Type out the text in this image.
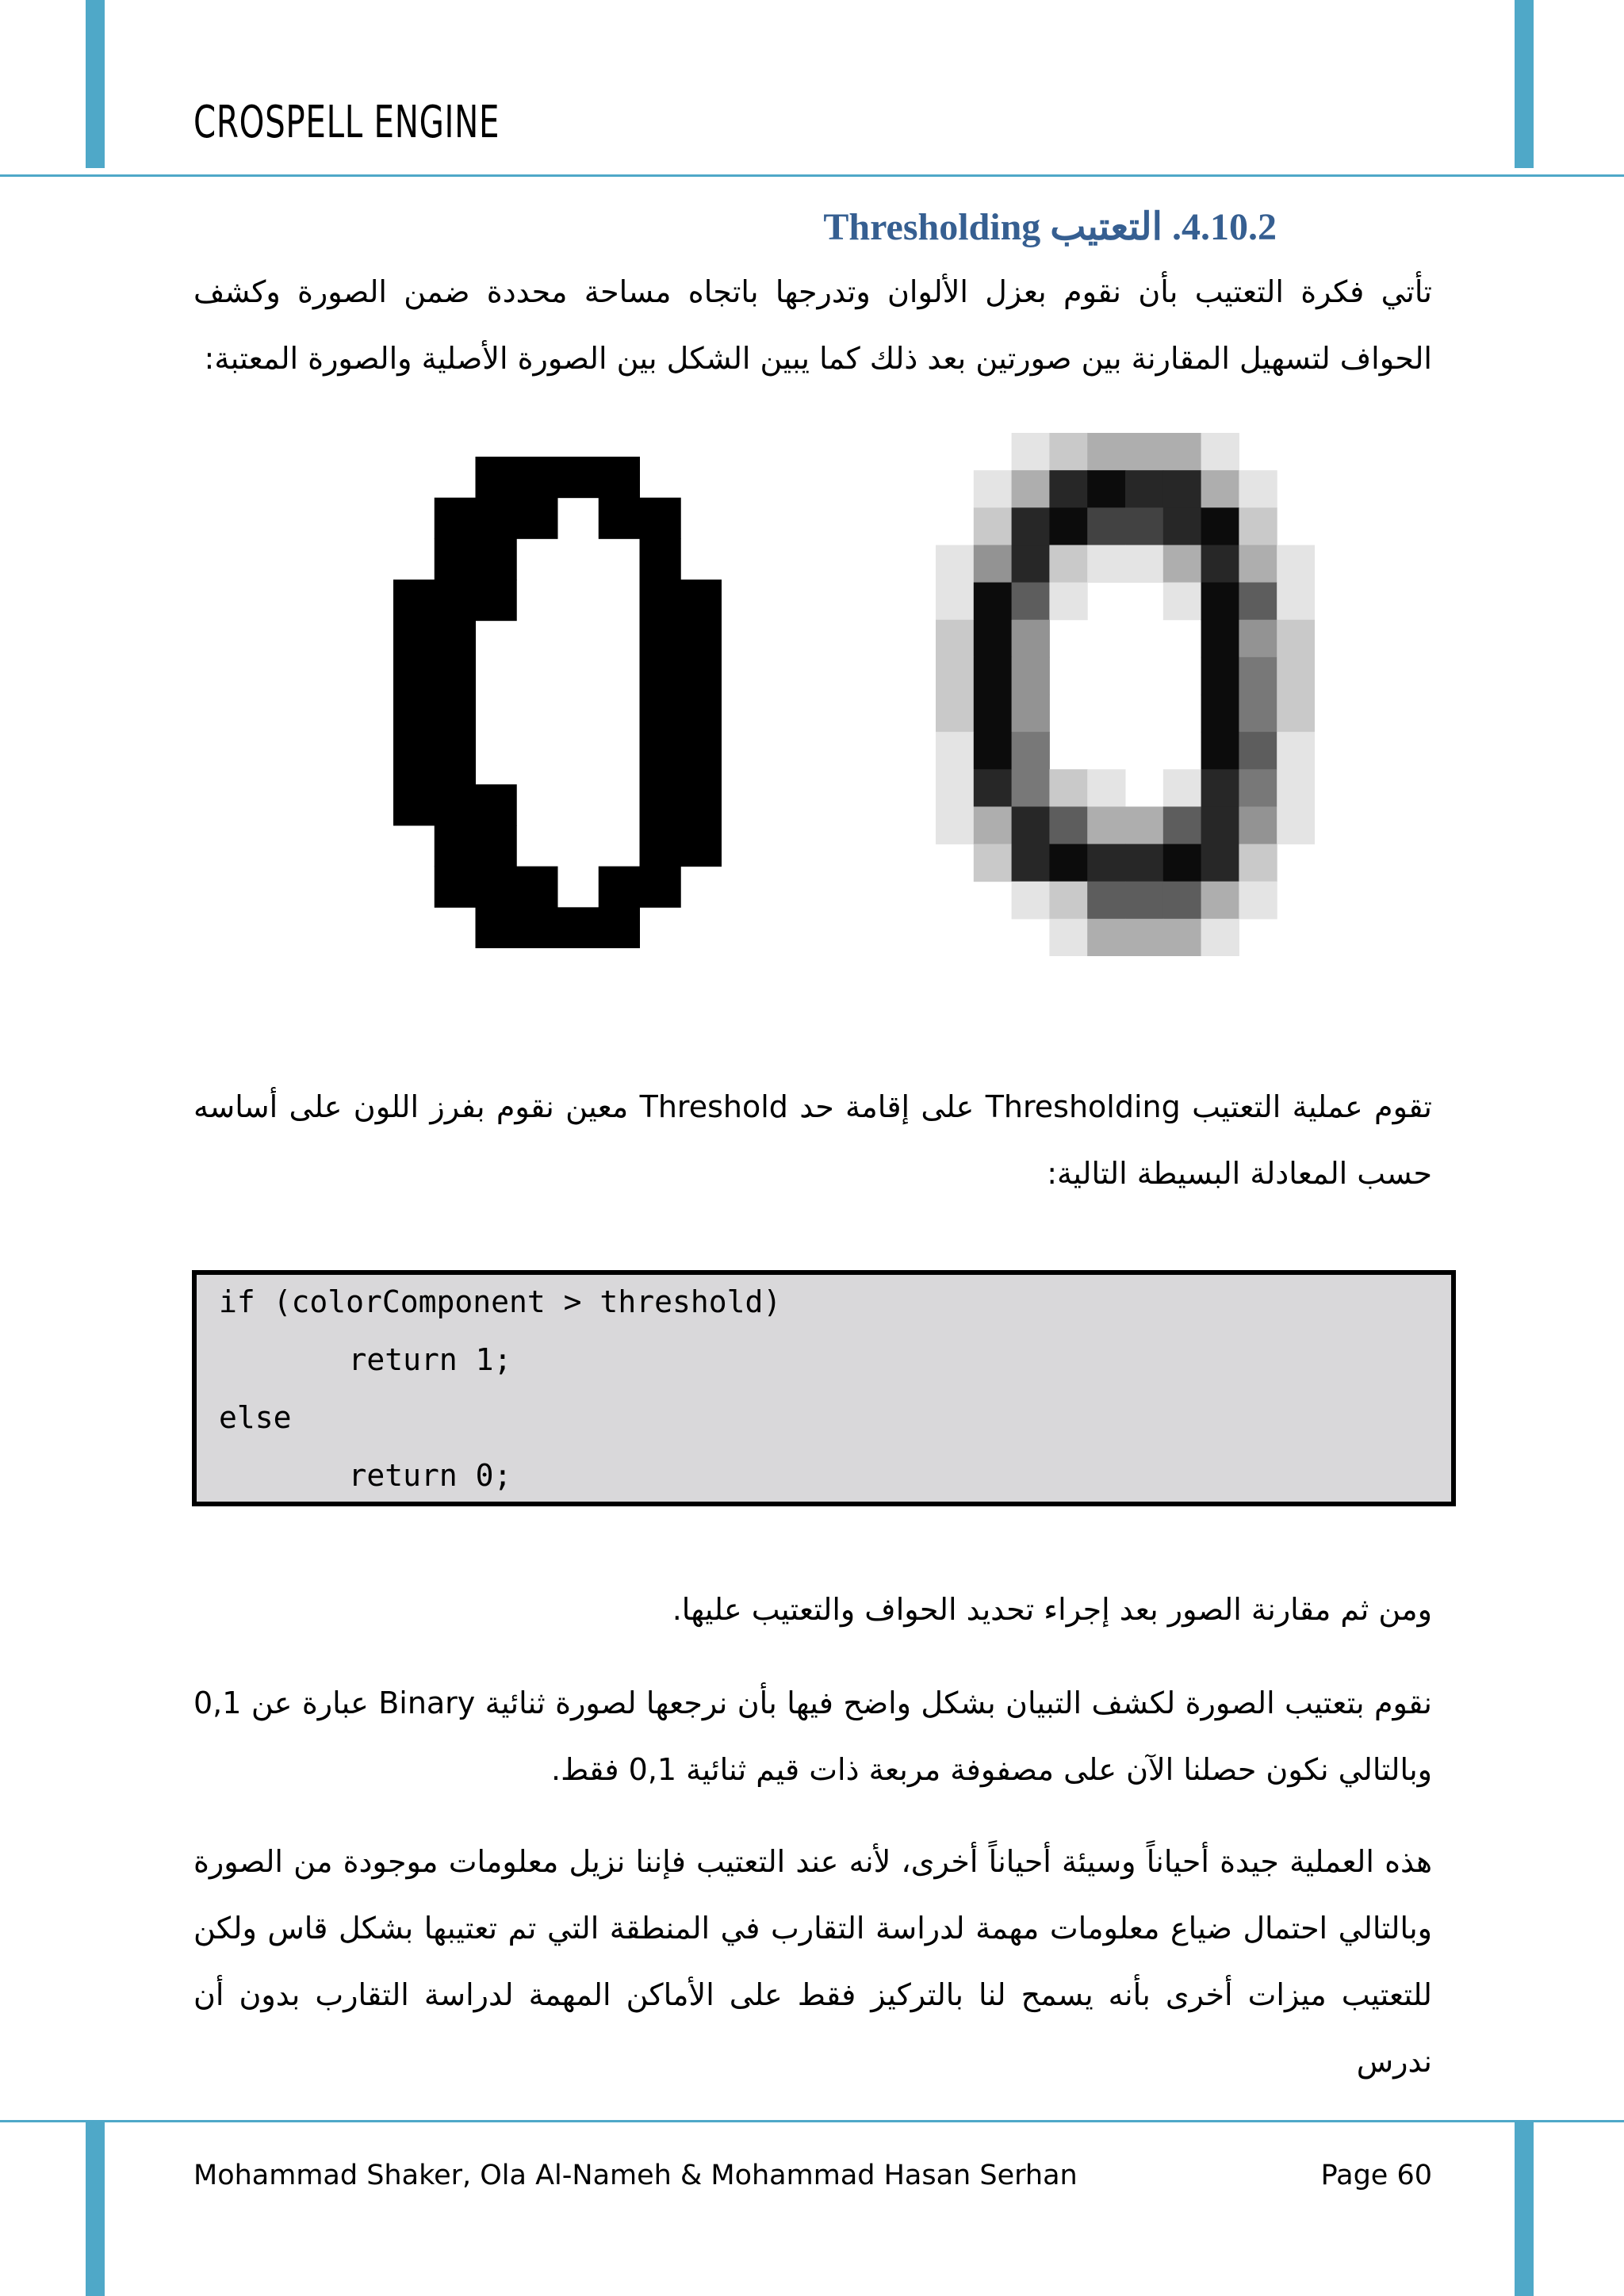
CROSPELL ENGINE
4.10.2. التعتيب Thresholding
تأتي فكرة التعتيب بأن نقوم بعزل الألوان وتدرجها باتجاه مساحة محددة ضمن الصورة وكشف الحواف لتسهيل المقارنة بين صورتين بعد ذلك كما يبين الشكل بين الصورة الأصلية والصورة المعتبة:
تقوم عملية التعتيب Thresholding على إقامة حد Threshold معين نقوم بفرز اللون على أساسه حسب المعادلة البسيطة التالية:
if (colorComponent > threshold)
return 1;
else
return 0;
ومن ثم مقارنة الصور بعد إجراء تحديد الحواف والتعتيب عليها.
نقوم بتعتيب الصورة لكشف التبيان بشكل واضح فيها بأن نرجعها لصورة ثنائية Binary عبارة عن 0,1 وبالتالي نكون حصلنا الآن على مصفوفة مربعة ذات قيم ثنائية 0,1 فقط.
هذه العملية جيدة أحياناً وسيئة أحياناً أخرى، لأنه عند التعتيب فإننا نزيل معلومات موجودة من الصورة وبالتالي احتمال ضياع معلومات مهمة لدراسة التقارب في المنطقة التي تم تعتيبها بشكل قاس ولكن للتعتيب ميزات أخرى بأنه يسمح لنا بالتركيز فقط على الأماكن المهمة لدراسة التقارب بدون أن ندرس
Mohammad Shaker, Ola Al-Nameh & Mohammad Hasan Serhan	Page 60
